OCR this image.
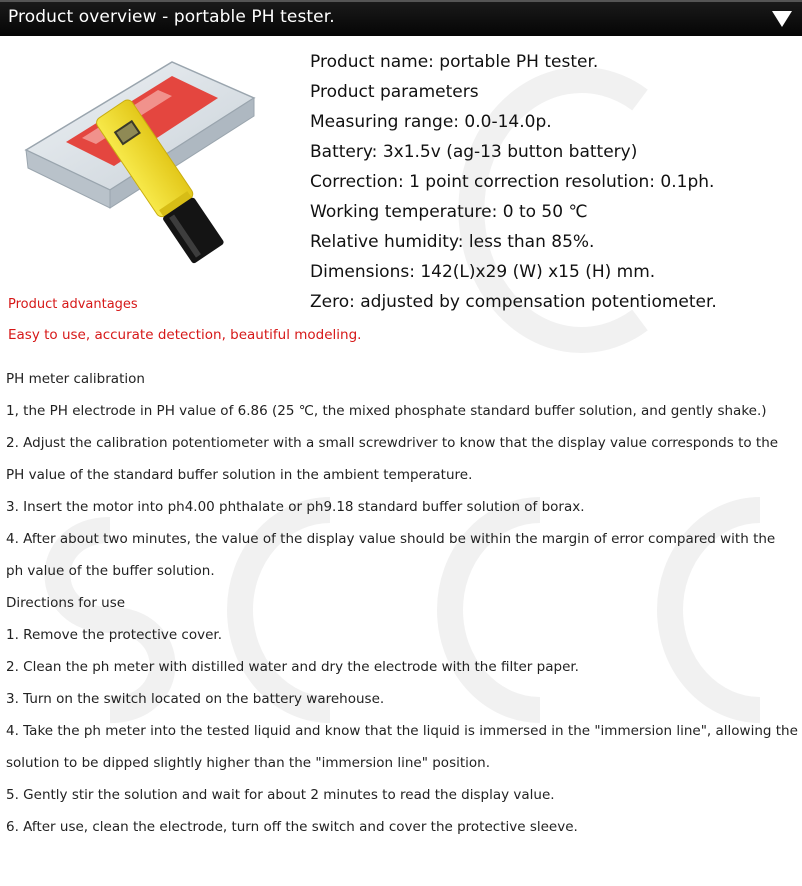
Product overview - portable PH tester.
Product name: portable PH tester.
Product parameters
Measuring range: 0.0-14.0p.
Battery: 3x1.5v (ag-13 button battery)
Correction: 1 point correction resolution: 0.1ph.
Working temperature: 0 to 50 ℃
Relative humidity: less than 85%.
Dimensions: 142(L)x29 (W) x15 (H) mm.
Zero: adjusted by compensation potentiometer.
Product advantages
Easy to use, accurate detection, beautiful modeling.
PH meter calibration
1, the PH electrode in PH value of 6.86 (25 ℃, the mixed phosphate standard buffer solution, and gently shake.)
2. Adjust the calibration potentiometer with a small screwdriver to know that the display value corresponds to the
PH value of the standard buffer solution in the ambient temperature.
3. Insert the motor into ph4.00 phthalate or ph9.18 standard buffer solution of borax.
4. After about two minutes, the value of the display value should be within the margin of error compared with the
ph value of the buffer solution.
Directions for use
1. Remove the protective cover.
2. Clean the ph meter with distilled water and dry the electrode with the filter paper.
3. Turn on the switch located on the battery warehouse.
4. Take the ph meter into the tested liquid and know that the liquid is immersed in the "immersion line", allowing the
solution to be dipped slightly higher than the "immersion line" position.
5. Gently stir the solution and wait for about 2 minutes to read the display value.
6. After use, clean the electrode, turn off the switch and cover the protective sleeve.
